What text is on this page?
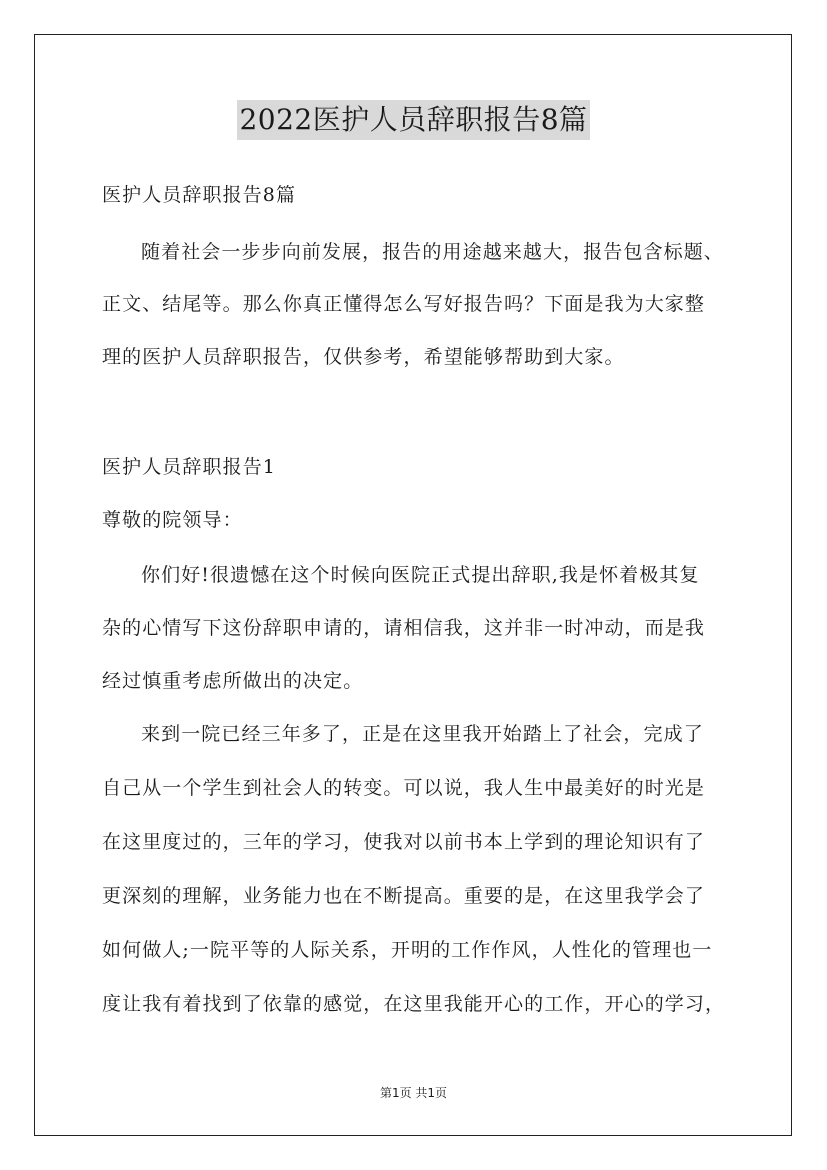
2022医护人员辞职报告8篇
医护人员辞职报告8篇
随着社会一步步向前发展，报告的用途越来越大，报告包含标题、
正文、结尾等。那么你真正懂得怎么写好报告吗？下面是我为大家整
理的医护人员辞职报告，仅供参考，希望能够帮助到大家。
医护人员辞职报告1
尊敬的院领导：
你们好!很遗憾在这个时候向医院正式提出辞职,我是怀着极其复
杂的心情写下这份辞职申请的，请相信我，这并非一时冲动，而是我
经过慎重考虑所做出的决定。
来到一院已经三年多了，正是在这里我开始踏上了社会，完成了
自己从一个学生到社会人的转变。可以说，我人生中最美好的时光是
在这里度过的，三年的学习，使我对以前书本上学到的理论知识有了
更深刻的理解，业务能力也在不断提高。重要的是，在这里我学会了
如何做人;一院平等的人际关系，开明的工作作风，人性化的管理也一
度让我有着找到了依靠的感觉，在这里我能开心的工作，开心的学习，
第1页 共1页
